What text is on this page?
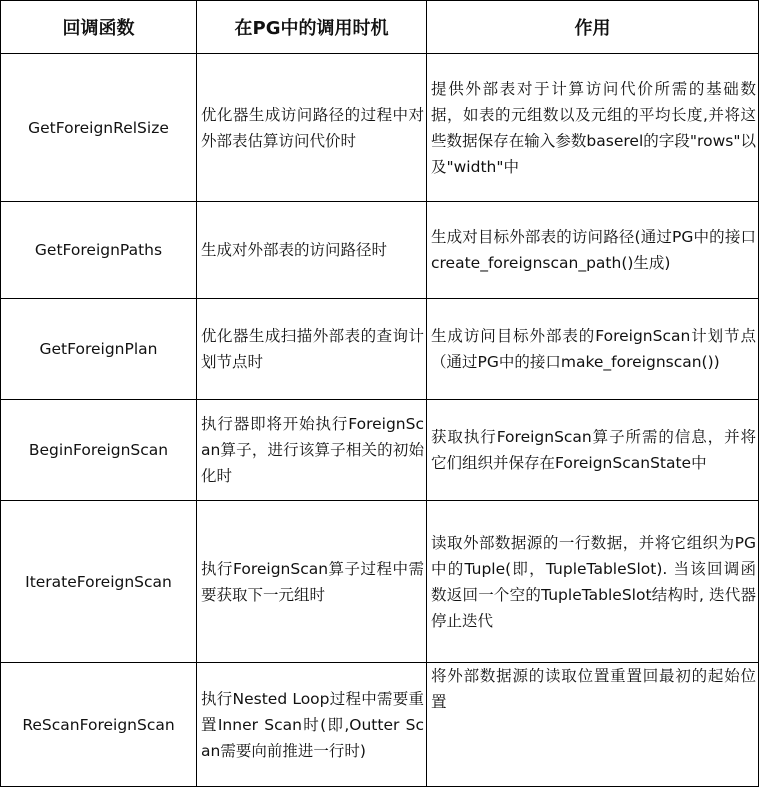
回调函数	在PG中的调用时机	作用
GetForeignRelSize	优化器生成访问路径的过程中对外部表估算访问代价时	提供外部表对于计算访问代价所需的基础数据，如表的元组数以及元组的平均长度,并将这些数据保存在输入参数baserel的字段"rows"以及"width"中
GetForeignPaths	生成对外部表的访问路径时	生成对目标外部表的访问路径(通过PG中的接口create_foreignscan_path()生成)
GetForeignPlan	优化器生成扫描外部表的查询计划节点时	生成访问目标外部表的ForeignScan计划节点（通过PG中的接口make_foreignscan())
BeginForeignScan	执行器即将开始执行ForeignScan算子，进行该算子相关的初始化时	获取执行ForeignScan算子所需的信息，并将它们组织并保存在ForeignScanState中
IterateForeignScan	执行ForeignScan算子过程中需要获取下一元组时	读取外部数据源的一行数据，并将它组织为PG中的Tuple(即，TupleTableSlot). 当该回调函数返回一个空的TupleTableSlot结构时, 迭代器停止迭代
ReScanForeignScan	执行Nested Loop过程中需要重置Inner Scan时(即,Outter Scan需要向前推进一行时)	将外部数据源的读取位置重置回最初的起始位置
